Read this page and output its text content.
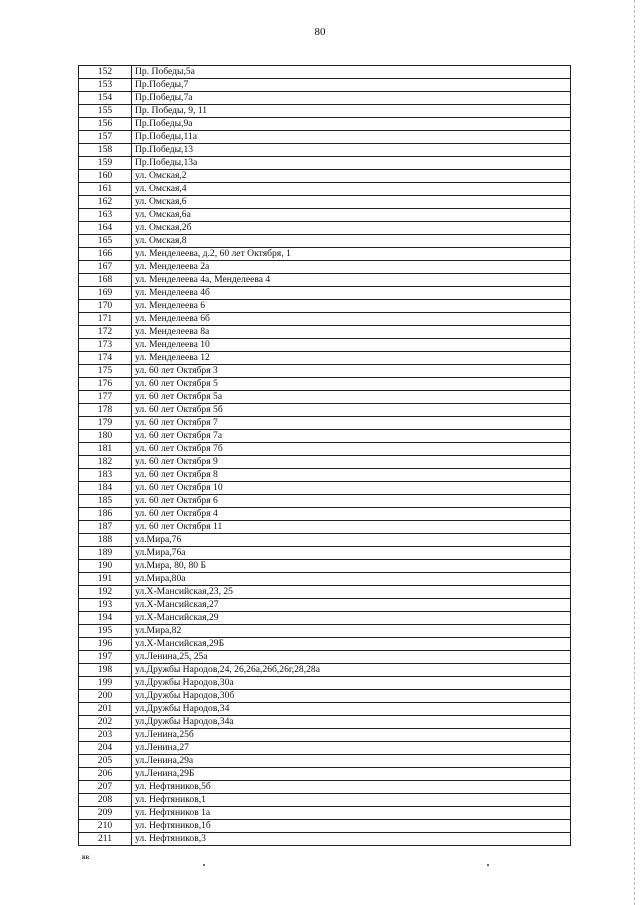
80
152	Пр. Победы,5а
153	Пр.Победы,7
154	Пр.Победы,7а
155	Пр. Победы, 9, 11
156	Пр.Победы,9а
157	Пр.Победы,11а
158	Пр.Победы,13
159	Пр.Победы,13а
160	ул. Омская,2
161	ул. Омская,4
162	ул. Омская,6
163	ул. Омская,6а
164	ул. Омская,2б
165	ул. Омская,8
166	ул. Менделеева, д.2, 60 лет Октября, 1
167	ул. Менделеева 2а
168	ул. Менделеева 4а, Менделеева 4
169	ул. Менделеева 4б
170	ул. Менделеева 6
171	ул. Менделеева 6б
172	ул. Менделеева 8а
173	ул. Менделеева 10
174	ул. Менделеева 12
175	ул. 60 лет Октября 3
176	ул. 60 лет Октября 5
177	ул. 60 лет Октября 5а
178	ул. 60 лет Октября 5б
179	ул. 60 лет Октября 7
180	ул. 60 лет Октября 7а
181	ул. 60 лет Октября 7б
182	ул. 60 лет Октября 9
183	ул. 60 лет Октября 8
184	ул. 60 лет Октября 10
185	ул. 60 лет Октября 6
186	ул. 60 лет Октября 4
187	ул. 60 лет Октября 11
188	ул.Мира,76
189	ул.Мира,76а
190	ул.Мира, 80, 80 Б
191	ул.Мира,80а
192	ул.Х-Мансийская,23, 25
193	ул.Х-Мансийская,27
194	ул.Х-Мансийская,29
195	ул.Мира,82
196	ул.Х-Мансийская,29Б
197	ул.Ленина,25, 25а
198	ул.Дружбы Народов,24, 26,26а,26б,26г,28,28а
199	ул.Дружбы Народов,30а
200	ул.Дружбы Народов,30б
201	ул.Дружбы Народов,34
202	ул.Дружбы Народов,34а
203	ул.Ленина,25б
204	ул.Ленина,27
205	ул.Ленина,29а
206	ул.Ленина,29Б
207	ул. Нефтяников,5б
208	ул. Нефтяников,1
209	ул. Нефтяников 1а
210	ул. Нефтяников,1б
211	ул. Нефтяников,3
RR
